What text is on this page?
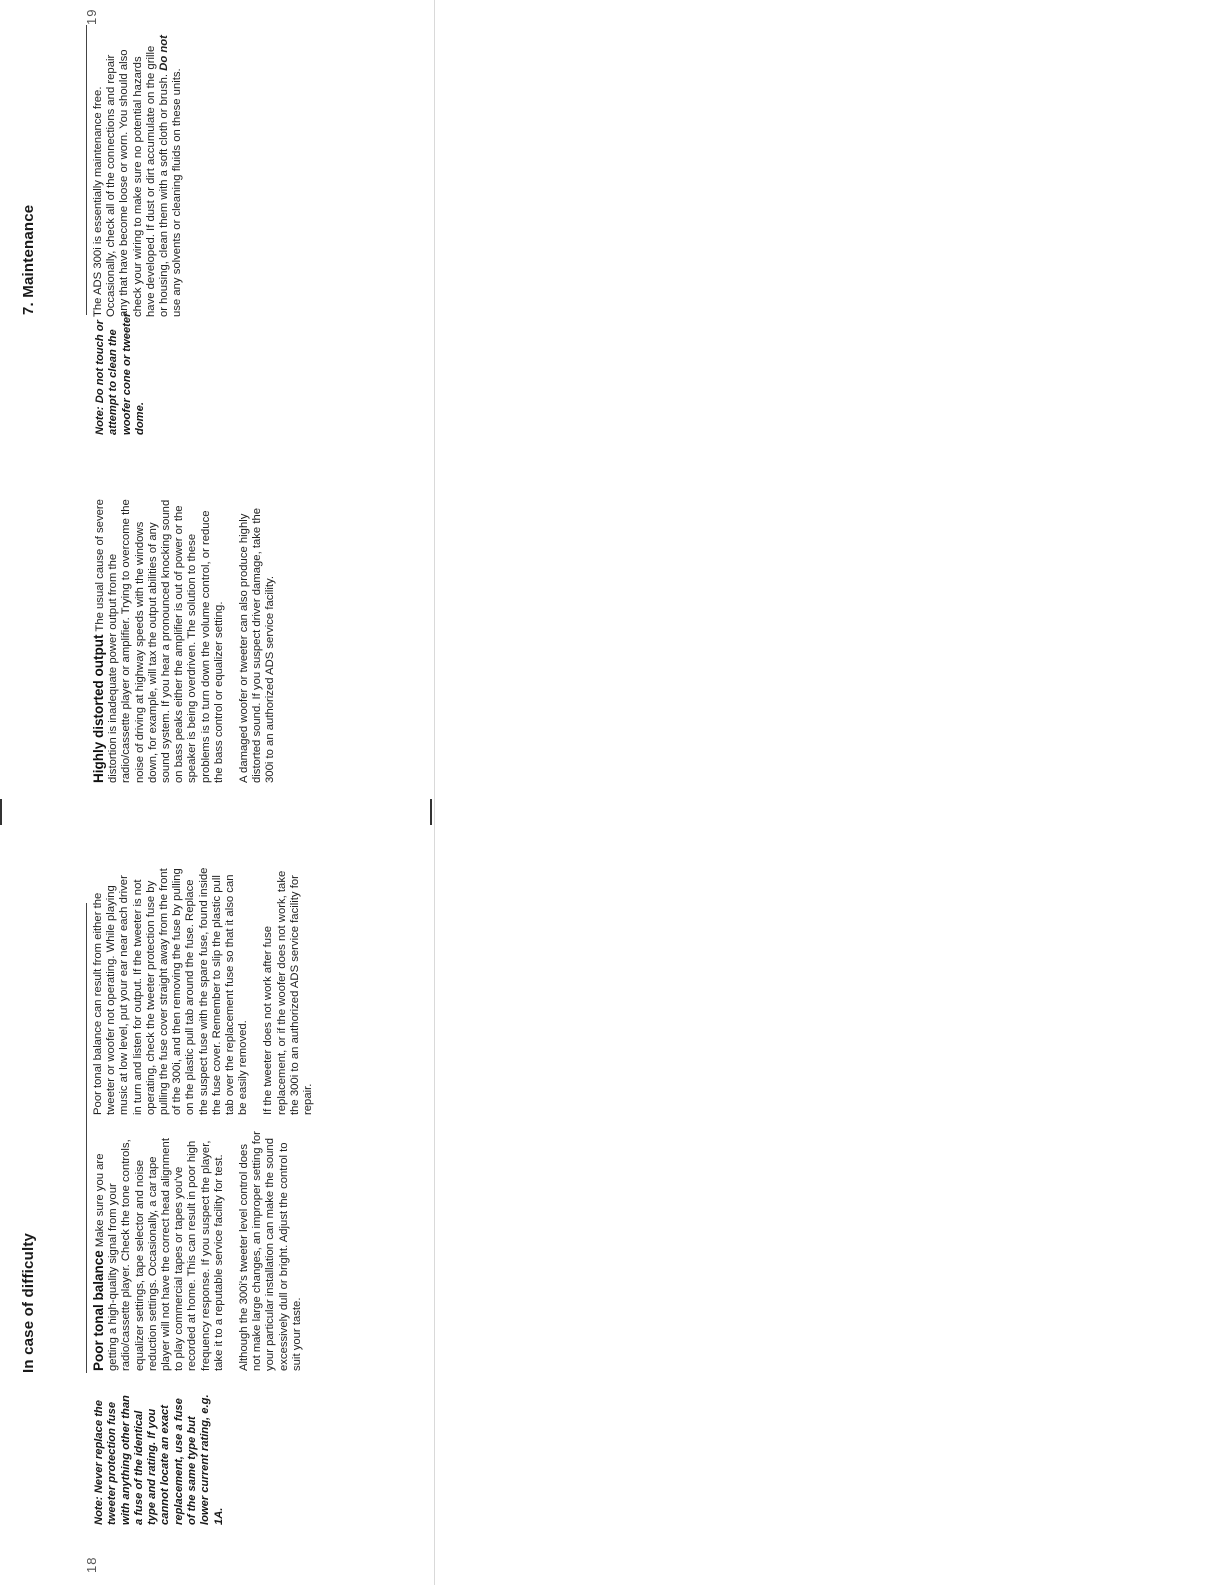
18
In case of difficulty
Note: Never replace the tweeter protection fuse with anything other than a fuse of the identical type and rating. If you cannot locate an exact replacement, use a fuse of the same type but lower current rating, e.g. 1A.

Poor tonal balance Make sure you are getting a high-quality signal from your radio/cassette player. Check the tone controls, equalizer settings, tape selector and noise reduction settings. Occasionally, a car tape player will not have the correct head alignment to play commercial tapes or tapes you've recorded at home. This can result in poor high frequency response. If you suspect the player, take it to a reputable service facility for test. Although the 300i's tweeter level control does not make large changes, an improper setting for your particular installation can make the sound excessively dull or bright. Adjust the control to suit your taste.

Poor tonal balance can result from either the tweeter or woofer not operating. While playing music at low level, put your ear near each driver in turn and listen for output. If the tweeter is not operating, check the tweeter protection fuse by pulling the fuse cover straight away from the front of the 300i, and then removing the fuse by pulling on the plastic pull tab around the fuse. Replace the suspect fuse with the spare fuse, found inside the fuse cover. Remember to slip the plastic pull tab over the replacement fuse so that it also can be easily removed. If the tweeter does not work after fuse replacement, or if the woofer does not work, take the 300i to an authorized ADS service facility for repair.

Highly distorted output The usual cause of severe distortion is inadequate power output from the radio/cassette player or amplifier. Trying to overcome the noise of driving at highway speeds with the windows down, for example, will tax the output abilities of any sound system. If you hear a pronounced knocking sound on bass peaks either the amplifier is out of power or the speaker is being overdriven. The solution to these problems is to turn down the volume control, or reduce the bass control or equalizer setting. A damaged woofer or tweeter can also produce highly distorted sound. If you suspect driver damage, take the 300i to an authorized ADS service facility.

Note: Do not touch or attempt to clean the woofer cone or tweeter dome.
7. Maintenance	The ADS 300i is essentially maintenance free. Occasionally, check all of the connections and repair any that have become loose or worn. You should also check your wiring to make sure no potential hazards have developed. If dust or dirt accumulate on the grille or housing, clean them with a soft cloth or brush. Do not use any solvents or cleaning fluids on these units.

19
